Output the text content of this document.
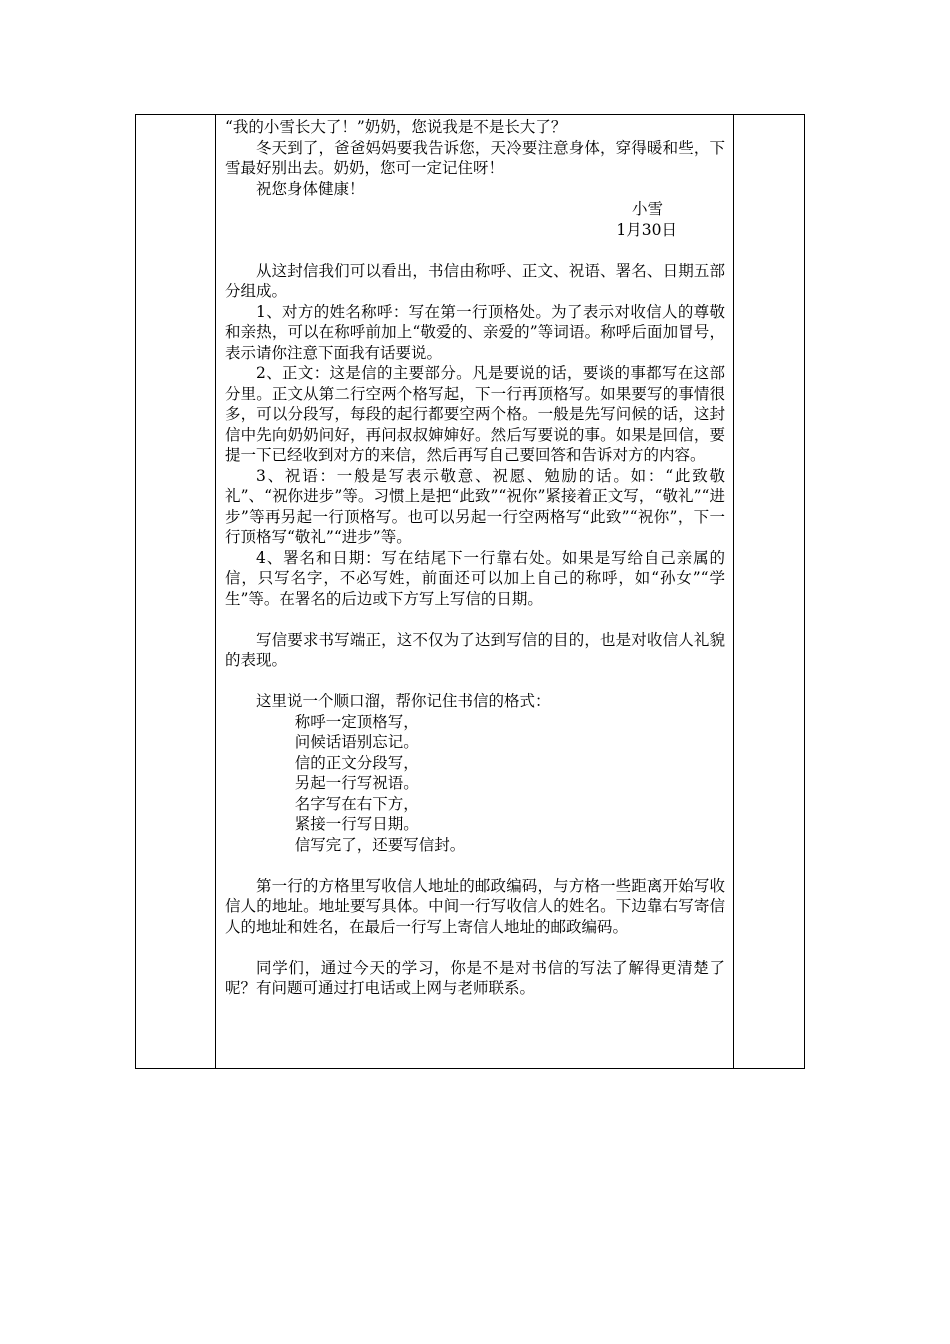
“我的小雪长大了！”奶奶，您说我是不是长大了？

冬天到了，爸爸妈妈要我告诉您，天冷要注意身体，穿得暖和些，下雪最好别出去。奶奶，您可一定记住呀！

祝您身体健康！

小雪

1月30日

从这封信我们可以看出，书信由称呼、正文、祝语、署名、日期五部分组成。

1、对方的姓名称呼：写在第一行顶格处。为了表示对收信人的尊敬和亲热，可以在称呼前加上“敬爱的、亲爱的”等词语。称呼后面加冒号，表示请你注意下面我有话要说。

2、正文：这是信的主要部分。凡是要说的话，要谈的事都写在这部分里。正文从第二行空两个格写起，下一行再顶格写。如果要写的事情很多，可以分段写，每段的起行都要空两个格。一般是先写问候的话，这封信中先向奶奶问好，再问叔叔婶婶好。然后写要说的事。如果是回信，要提一下已经收到对方的来信，然后再写自己要回答和告诉对方的内容。

3、祝语：一般是写表示敬意、祝愿、勉励的话。如：“此致敬礼”、“祝你进步”等。习惯上是把“此致”“祝你”紧接着正文写，“敬礼”“进步”等再另起一行顶格写。也可以另起一行空两格写“此致”“祝你”，下一行顶格写“敬礼”“进步”等。

4、署名和日期：写在结尾下一行靠右处。如果是写给自己亲属的信，只写名字，不必写姓，前面还可以加上自己的称呼，如“孙女”“学生”等。在署名的后边或下方写上写信的日期。

写信要求书写端正，这不仅为了达到写信的目的，也是对收信人礼貌的表现。

这里说一个顺口溜，帮你记住书信的格式：

称呼一定顶格写，

问候话语别忘记。

信的正文分段写，

另起一行写祝语。

名字写在右下方，

紧接一行写日期。

信写完了，还要写信封。

第一行的方格里写收信人地址的邮政编码，与方格一些距离开始写收信人的地址。地址要写具体。中间一行写收信人的姓名。下边靠右写寄信人的地址和姓名，在最后一行写上寄信人地址的邮政编码。

同学们，通过今天的学习，你是不是对书信的写法了解得更清楚了呢？有问题可通过打电话或上网与老师联系。
